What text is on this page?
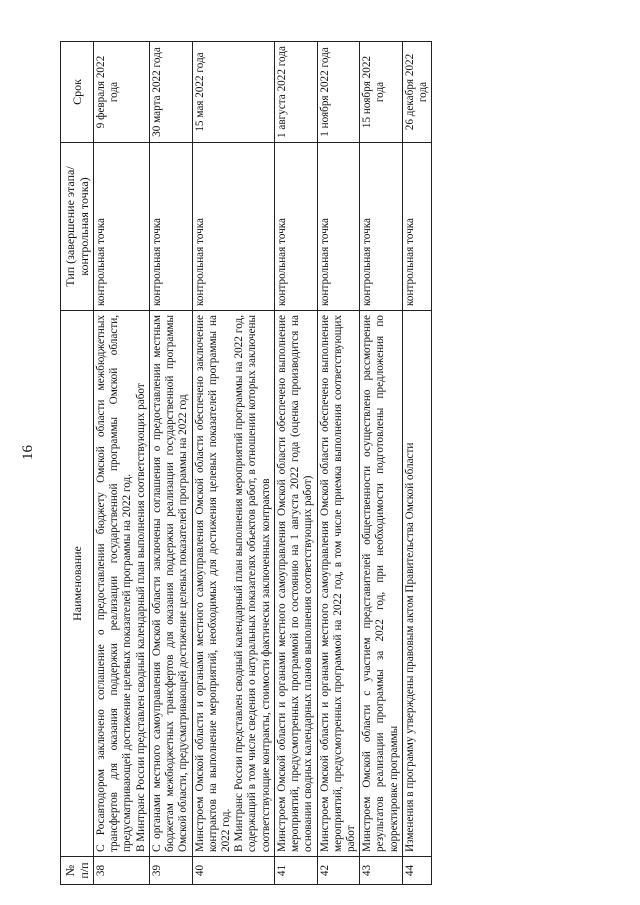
16
№ п/п	Наименование	Тип (завершение этапа/контрольная точка)	Срок
38	С Росавтодором заключено соглашение о предоставлении бюджету Омской области межбюджетных трансфертов для оказания поддержки реализации государственной программы Омской области, предусматривающей достижение целевых показателей программы на 2022 год. В Минтранс России представлен сводный календарный план выполнения соответствующих работ	контрольная точка	9 февраля 2022 года
39	С органами местного самоуправления Омской области заключены соглашения о предоставлении местным бюджетам межбюджетных трансфертов для оказания поддержки реализации государственной программы Омской области, предусматривающей достижение целевых показателей программы на 2022 год	контрольная точка	30 марта 2022 года
40	Минстроем Омской области и органами местного самоуправления Омской области обеспечено заключение контрактов на выполнение мероприятий, необходимых для достижения целевых показателей программы на 2022 год. В Минтранс России представлен сводный календарный план выполнения мероприятий программы на 2022 год, содержащий в том числе сведения о натуральных показателях объектов работ, в отношении которых заключены соответствующие контракты, стоимости фактически заключенных контрактов	контрольная точка	15 мая 2022 года
41	Минстроем Омской области и органами местного самоуправления Омской области обеспечено выполнение мероприятий, предусмотренных программой по состоянию на 1 августа 2022 года (оценка производится на основании сводных календарных планов выполнения соответствующих работ)	контрольная точка	1 августа 2022 года
42	Минстроем Омской области и органами местного самоуправления Омской области обеспечено выполнение мероприятий, предусмотренных программой на 2022 год, в том числе приемка выполнения соответствующих работ	контрольная точка	1 ноября 2022 года
43	Минстроем Омской области с участием представителей общественности осуществлено рассмотрение результатов реализации программы за 2022 год, при необходимости подготовлены предложения по корректировке программы	контрольная точка	15 ноября 2022 года
44	Изменения в программу утверждены правовым актом Правительства Омской области	контрольная точка	26 декабря 2022 года
